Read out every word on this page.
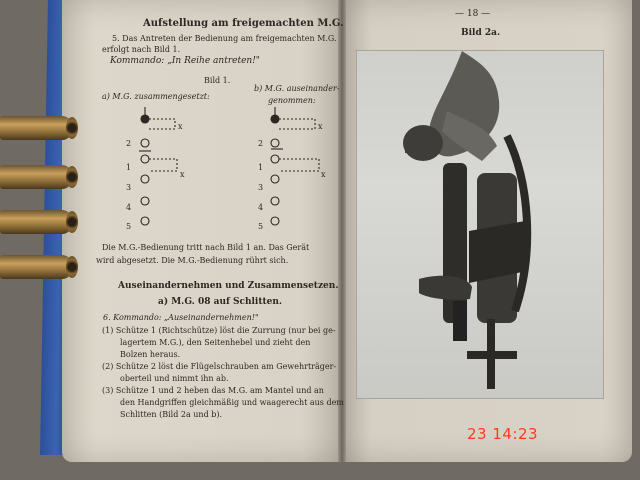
Aufstellung am freigemachten M.G.
5. Das Antreten der Bedienung am freigemachten M.G.
erfolgt nach Bild 1.
Kommando: „In Reihe antreten!"
Bild 1.
a) M.G. zusammengesetzt:
b) M.G. auseinander-
genommen:
2
1
3
4
5
2
1
3
4
5
x
x
x
x
Die M.G.-Bedienung tritt nach Bild 1 an. Das Gerät
wird abgesetzt. Die M.G.-Bedienung rührt sich.
Auseinandernehmen und Zusammensetzen.
a) M.G. 08 auf Schlitten.
6. Kommando: „Auseinandernehmen!"
(1) Schütze 1 (Richtschütze) löst die Zurrung (nur bei ge-
lagertem M.G.), den Seitenhebel und zieht den
Bolzen heraus.
(2) Schütze 2 löst die Flügelschrauben am Gewehrträger-
oberteil und nimmt ihn ab.
(3) Schütze 1 und 2 heben das M.G. am Mantel und an
den Handgriffen gleichmäßig und waagerecht aus dem
Schlitten (Bild 2a und b).
— 18 —
Bild 2a.
23 14:23
